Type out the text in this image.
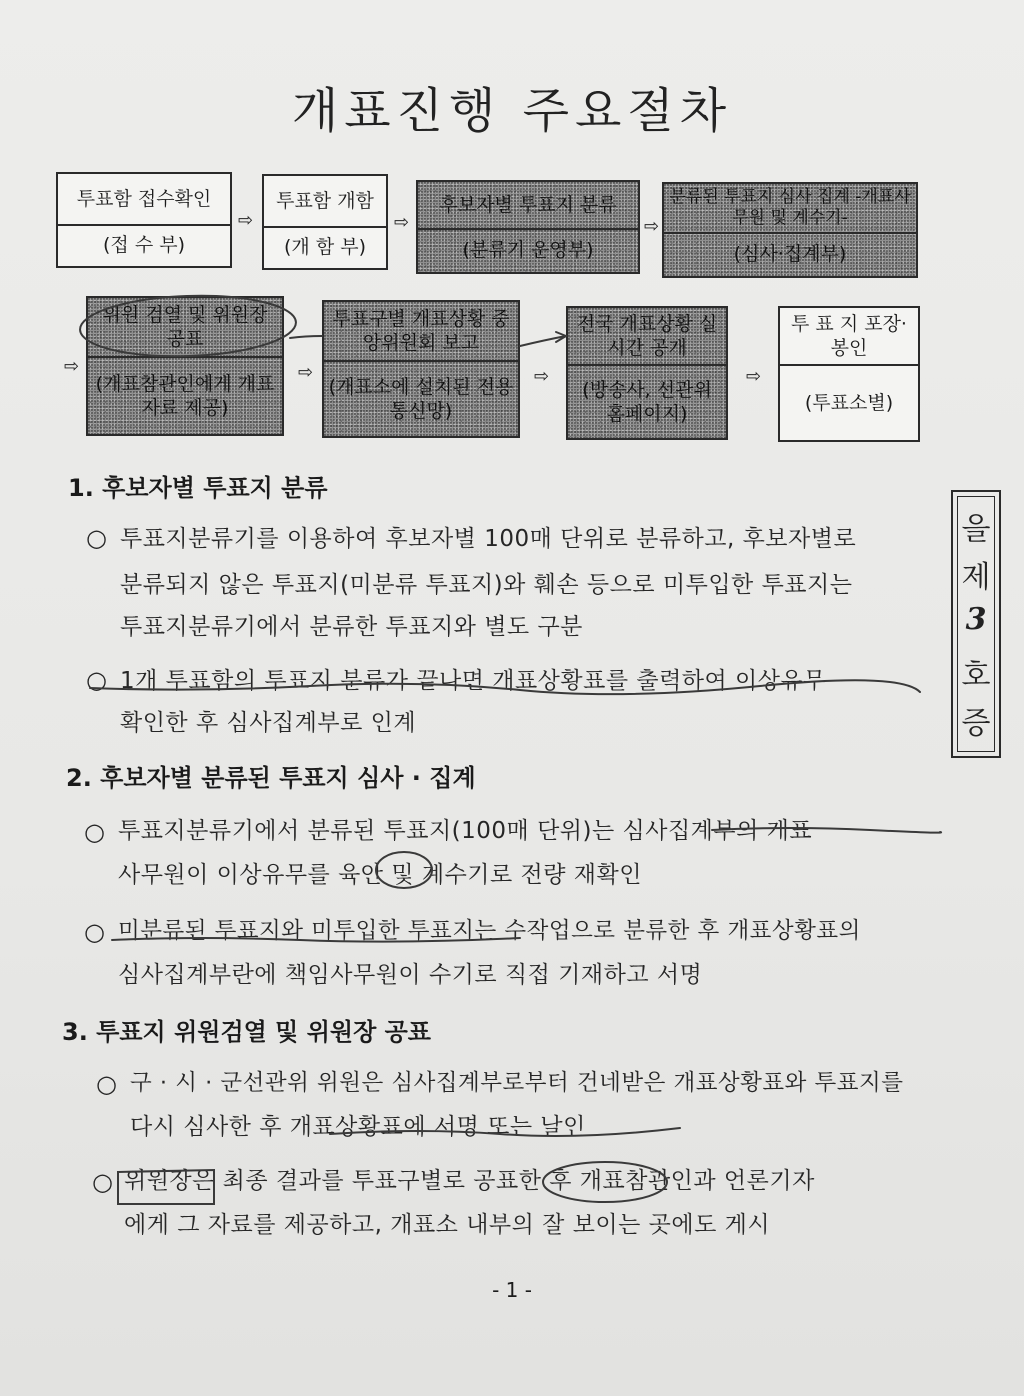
개표진행 주요절차
투표함 접수확인
(접 수 부)
⇨
투표함 개함
(개 함 부)
⇨
후보자별 투표지 분류
(분류기 운영부)
⇨
분류된 투표지 심사 집계 -개표사무원 및 계수기-
(심사·집계부)
⇨
위원 검열 및 위원장 공표
(개표참관인에게 개표자료 제공)
⇨
투표구별 개표상황 중앙위원회 보고
(개표소에 설치된 전용통신망)
⇨
전국 개표상황 실시간 공개
(방송사, 선관위 홈페이지)
⇨
투 표 지 포장·봉인
(투표소별)
1. 후보자별 투표지 분류
○ 투표지분류기를 이용하여 후보자별 100매 단위로 분류하고, 후보자별로
분류되지 않은 투표지(미분류 투표지)와 훼손 등으로 미투입한 투표지는
투표지분류기에서 분류한 투표지와 별도 구분
○ 1개 투표함의 투표지 분류가 끝나면 개표상황표를 출력하여 이상유무
확인한 후 심사집계부로 인계
2. 후보자별 분류된 투표지 심사 · 집계
○ 투표지분류기에서 분류된 투표지(100매 단위)는 심사집계부의 개표
사무원이 이상유무를 육안 및 계수기로 전량 재확인
○ 미분류된 투표지와 미투입한 투표지는 수작업으로 분류한 후 개표상황표의
심사집계부란에 책임사무원이 수기로 직접 기재하고 서명
3. 투표지 위원검열 및 위원장 공표
○ 구 · 시 · 군선관위 위원은 심사집계부로부터 건네받은 개표상황표와 투표지를
다시 심사한 후 개표상황표에 서명 또는 날인
○ 위원장은 최종 결과를 투표구별로 공표한 후 개표참관인과 언론기자
에게 그 자료를 제공하고, 개표소 내부의 잘 보이는 곳에도 게시
을
제
3
호
증
- 1 -
